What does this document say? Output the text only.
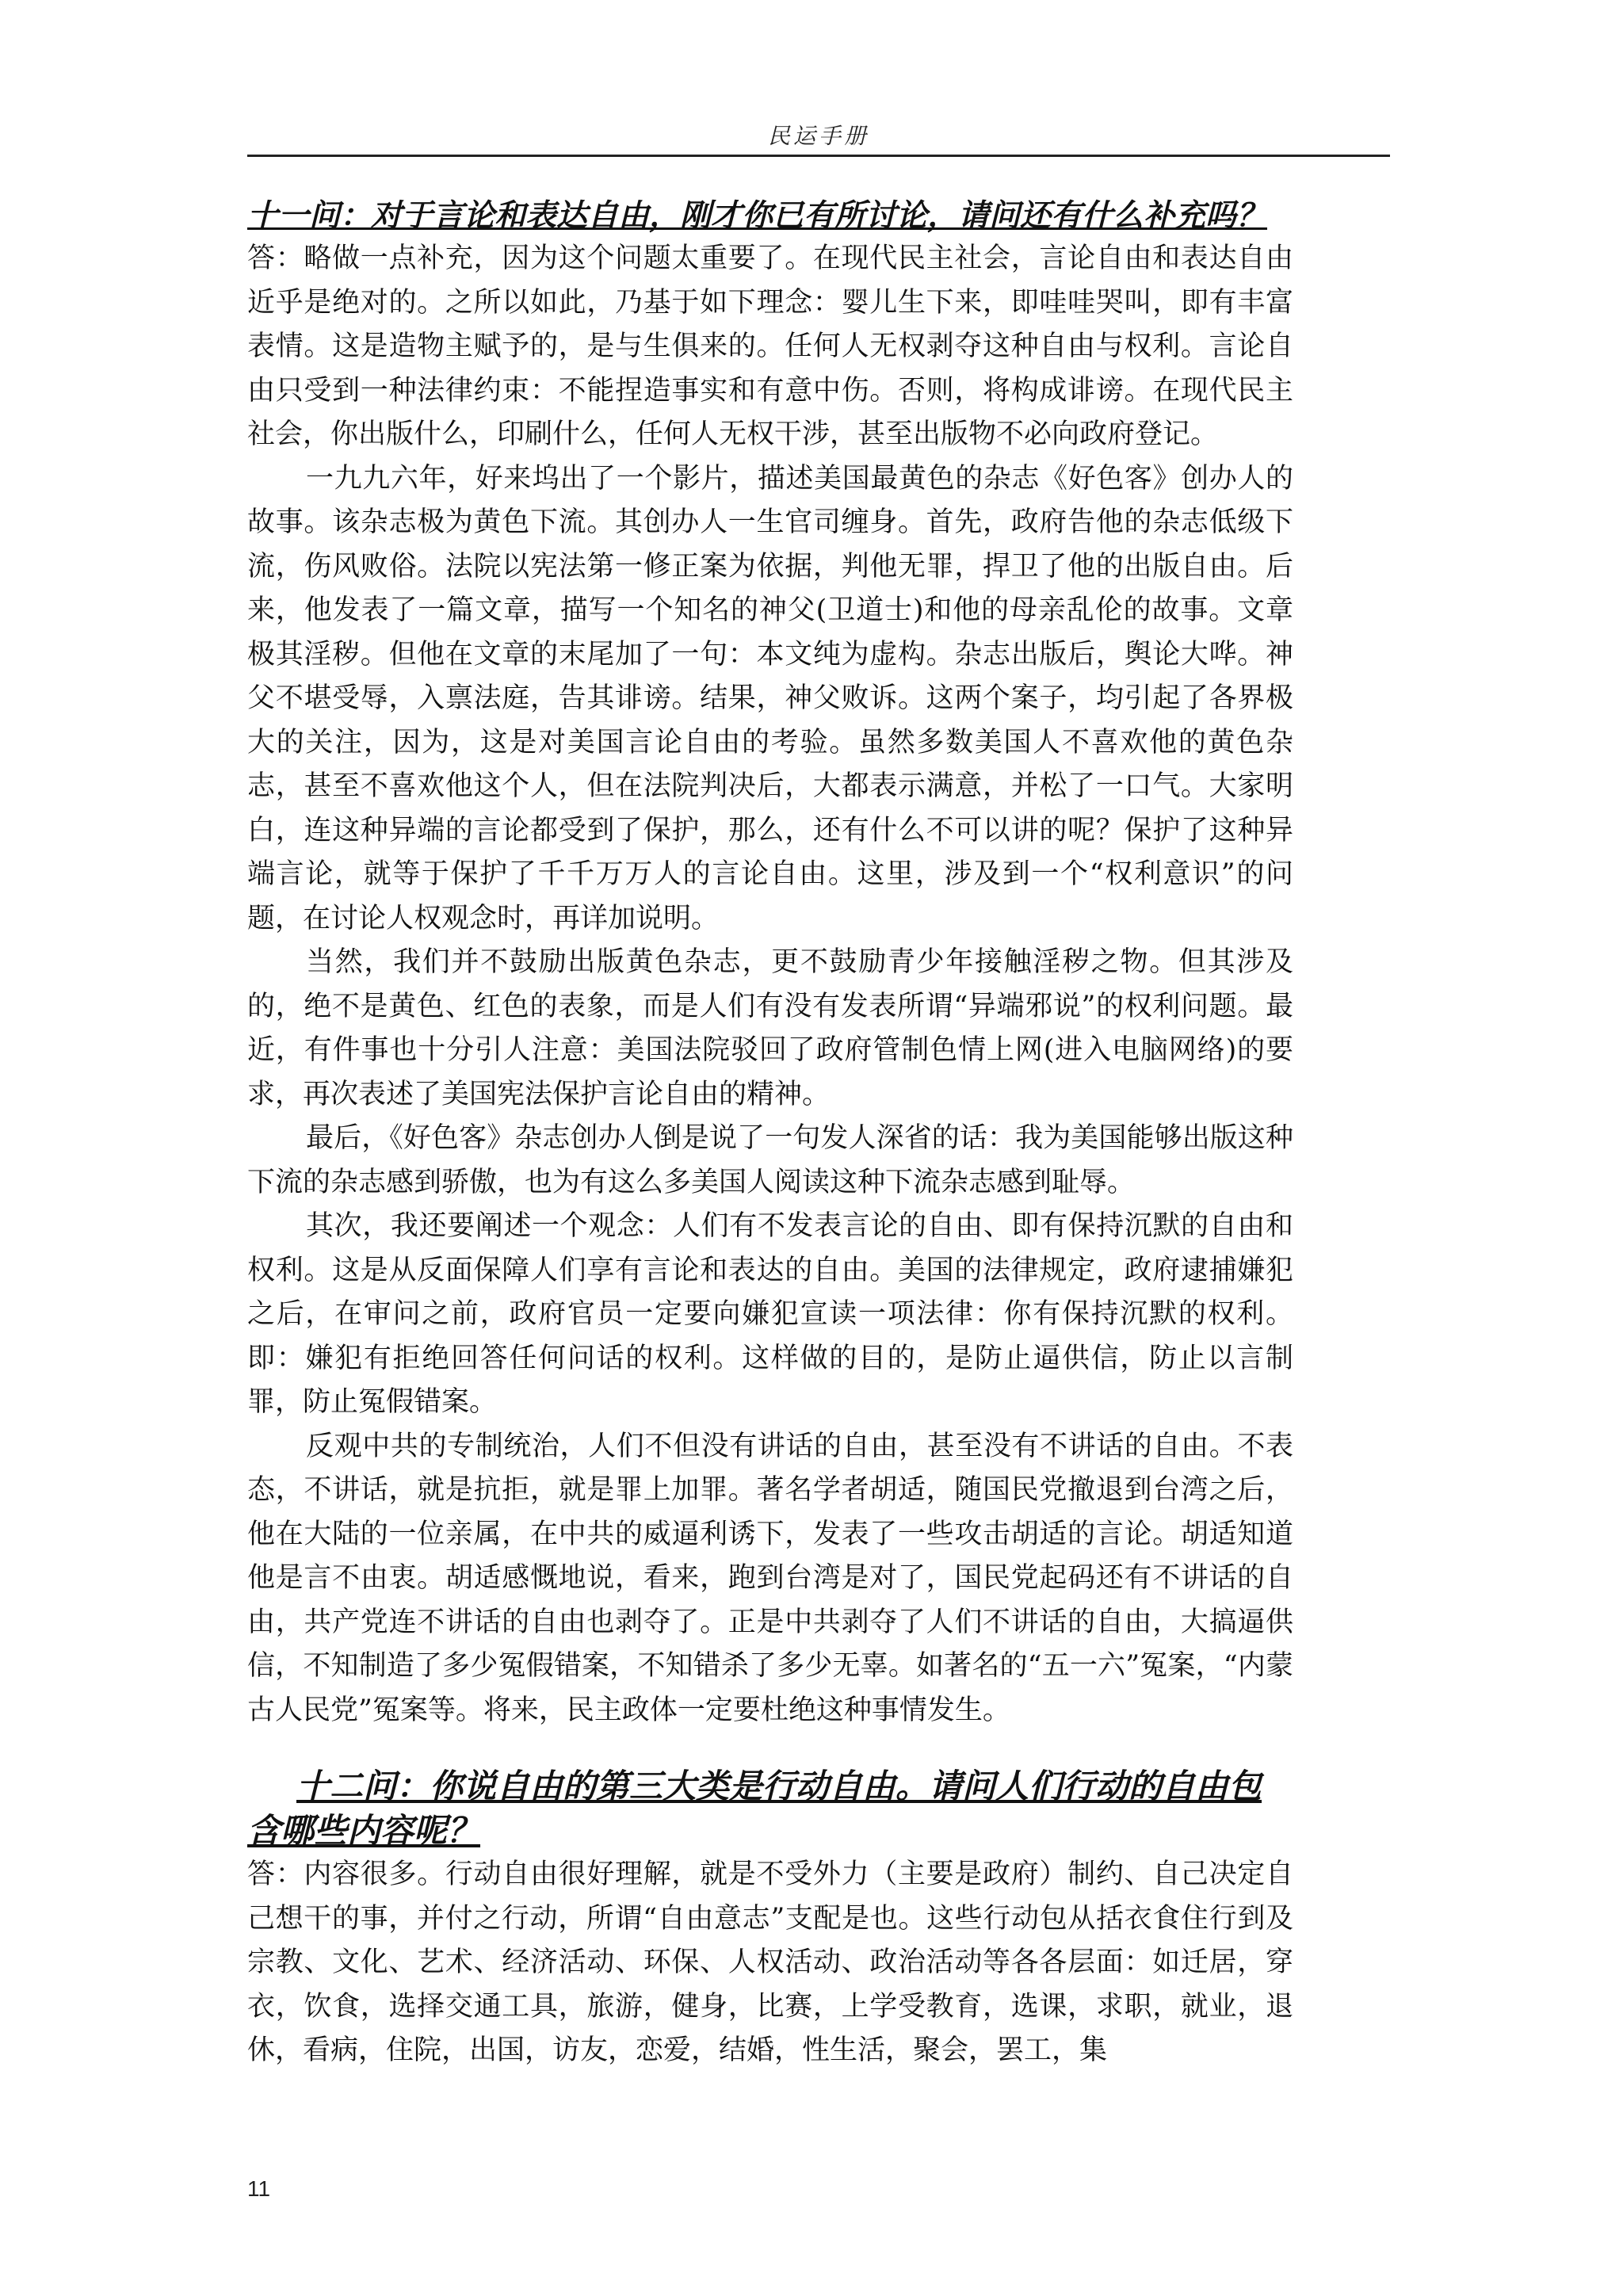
民运手册

十一问：对于言论和表达自由，刚才你已有所讨论，请问还有什么补充吗？

答：略做一点补充，因为这个问题太重要了。在现代民主社会，言论自由和表达自由近乎是绝对的。之所以如此，乃基于如下理念：婴儿生下来，即哇哇哭叫，即有丰富表情。这是造物主赋予的，是与生俱来的。任何人无权剥夺这种自由与权利。言论自由只受到一种法律约束：不能捏造事实和有意中伤。否则，将构成诽谤。在现代民主社会，你出版什么，印刷什么，任何人无权干涉，甚至出版物不必向政府登记。

一九九六年，好来坞出了一个影片，描述美国最黄色的杂志《好色客》创办人的故事。该杂志极为黄色下流。其创办人一生官司缠身。首先，政府告他的杂志低级下流，伤风败俗。法院以宪法第一修正案为依据，判他无罪，捍卫了他的出版自由。后来，他发表了一篇文章，描写一个知名的神父(卫道士)和他的母亲乱伦的故事。文章极其淫秽。但他在文章的末尾加了一句：本文纯为虚构。杂志出版后，舆论大哗。神父不堪受辱，入禀法庭，告其诽谤。结果，神父败诉。这两个案子，均引起了各界极大的关注，因为，这是对美国言论自由的考验。虽然多数美国人不喜欢他的黄色杂志，甚至不喜欢他这个人，但在法院判决后，大都表示满意，并松了一口气。大家明白，连这种异端的言论都受到了保护，那么，还有什么不可以讲的呢？保护了这种异端言论，就等于保护了千千万万人的言论自由。这里，涉及到一个“权利意识”的问题，在讨论人权观念时，再详加说明。

当然，我们并不鼓励出版黄色杂志，更不鼓励青少年接触淫秽之物。但其涉及的，绝不是黄色、红色的表象，而是人们有没有发表所谓“异端邪说”的权利问题。最近，有件事也十分引人注意：美国法院驳回了政府管制色情上网(进入电脑网络)的要求，再次表述了美国宪法保护言论自由的精神。

最后，《好色客》杂志创办人倒是说了一句发人深省的话：我为美国能够出版这种下流的杂志感到骄傲，也为有这么多美国人阅读这种下流杂志感到耻辱。

其次，我还要阐述一个观念：人们有不发表言论的自由、即有保持沉默的自由和权利。这是从反面保障人们享有言论和表达的自由。美国的法律规定，政府逮捕嫌犯之后，在审问之前，政府官员一定要向嫌犯宣读一项法律：你有保持沉默的权利。即：嫌犯有拒绝回答任何问话的权利。这样做的目的，是防止逼供信，防止以言制罪，防止冤假错案。

反观中共的专制统治，人们不但没有讲话的自由，甚至没有不讲话的自由。不表态，不讲话，就是抗拒，就是罪上加罪。著名学者胡适，随国民党撤退到台湾之后，他在大陆的一位亲属，在中共的威逼利诱下，发表了一些攻击胡适的言论。胡适知道他是言不由衷。胡适感慨地说，看来，跑到台湾是对了，国民党起码还有不讲话的自由，共产党连不讲话的自由也剥夺了。正是中共剥夺了人们不讲话的自由，大搞逼供信，不知制造了多少冤假错案，不知错杀了多少无辜。如著名的“五一六”冤案，“内蒙古人民党”冤案等。将来，民主政体一定要杜绝这种事情发生。

十二问：你说自由的第三大类是行动自由。请问人们行动的自由包含哪些内容呢？

答：内容很多。行动自由很好理解，就是不受外力（主要是政府）制约、自己决定自己想干的事，并付之行动，所谓“自由意志”支配是也。这些行动包从括衣食住行到及宗教、文化、艺术、经济活动、环保、人权活动、政治活动等各各层面：如迁居，穿衣，饮食，选择交通工具，旅游，健身，比赛，上学受教育，选课，求职，就业，退休，看病，住院，出国，访友，恋爱，结婚，性生活，聚会，罢工，集

11
